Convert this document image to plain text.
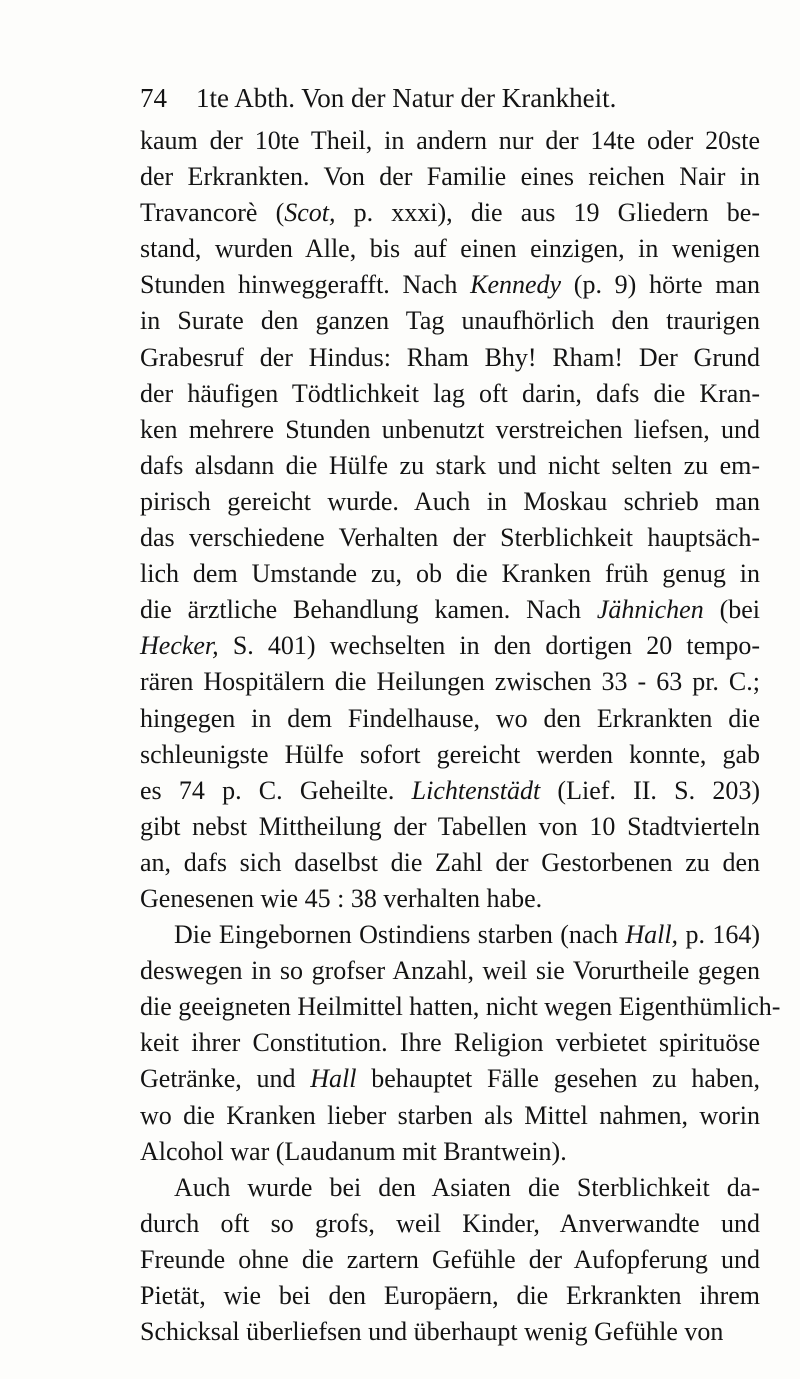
74 1te Abth. Von der Natur der Krankheit.
kaum der 10te Theil, in andern nur der 14te oder 20ste
der Erkrankten. Von der Familie eines reichen Nair in
Travancorè (Scot, p. xxxi), die aus 19 Gliedern be-
stand, wurden Alle, bis auf einen einzigen, in wenigen
Stunden hinweggerafft. Nach Kennedy (p. 9) hörte man
in Surate den ganzen Tag unaufhörlich den traurigen
Grabesruf der Hindus: Rham Bhy! Rham! Der Grund
der häufigen Tödtlichkeit lag oft darin, dafs die Kran-
ken mehrere Stunden unbenutzt verstreichen liefsen, und
dafs alsdann die Hülfe zu stark und nicht selten zu em-
pirisch gereicht wurde. Auch in Moskau schrieb man
das verschiedene Verhalten der Sterblichkeit hauptsäch-
lich dem Umstande zu, ob die Kranken früh genug in
die ärztliche Behandlung kamen. Nach Jähnichen (bei
Hecker, S. 401) wechselten in den dortigen 20 tempo-
rären Hospitälern die Heilungen zwischen 33 - 63 pr. C.;
hingegen in dem Findelhause, wo den Erkrankten die
schleunigste Hülfe sofort gereicht werden konnte, gab
es 74 p. C. Geheilte. Lichtenstädt (Lief. II. S. 203)
gibt nebst Mittheilung der Tabellen von 10 Stadtvierteln
an, dafs sich daselbst die Zahl der Gestorbenen zu den
Genesenen wie 45 : 38 verhalten habe.
Die Eingebornen Ostindiens starben (nach Hall, p. 164)
deswegen in so grofser Anzahl, weil sie Vorurtheile gegen
die geeigneten Heilmittel hatten, nicht wegen Eigenthümlich-
keit ihrer Constitution. Ihre Religion verbietet spirituöse
Getränke, und Hall behauptet Fälle gesehen zu haben,
wo die Kranken lieber starben als Mittel nahmen, worin
Alcohol war (Laudanum mit Brantwein).
Auch wurde bei den Asiaten die Sterblichkeit da-
durch oft so grofs, weil Kinder, Anverwandte und
Freunde ohne die zartern Gefühle der Aufopferung und
Pietät, wie bei den Europäern, die Erkrankten ihrem
Schicksal überliefsen und überhaupt wenig Gefühle von
